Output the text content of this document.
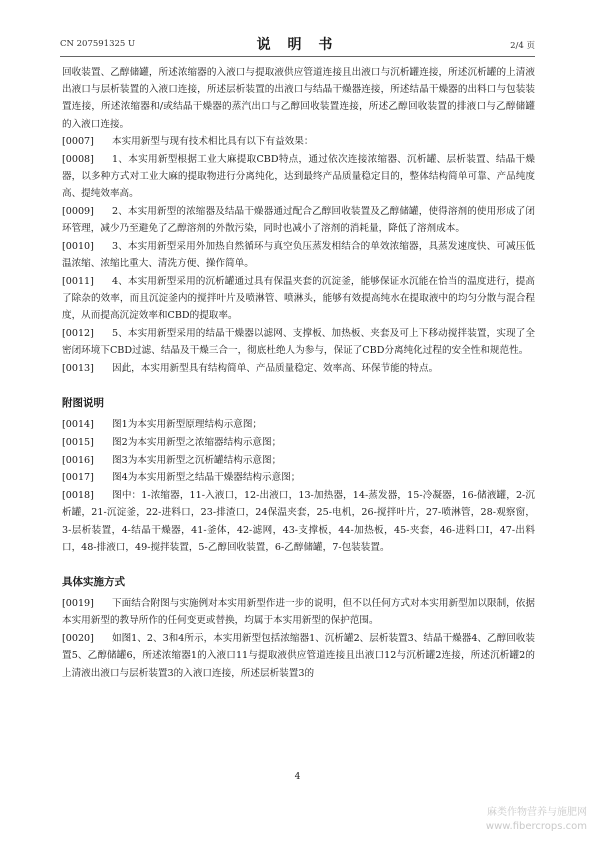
CN 207591325 U	说 明 书	2/4 页

回收装置、乙醇储罐，所述浓缩器的入液口与提取液供应管道连接且出液口与沉析罐连接，所述沉析罐的上清液出液口与层析装置的入液口连接，所述层析装置的出液口与结晶干燥器连接，所述结晶干燥器的出料口与包装装置连接，所述浓缩器和/或结晶干燥器的蒸汽出口与乙醇回收装置连接，所述乙醇回收装置的排液口与乙醇储罐的入液口连接。

[0007] 本实用新型与现有技术相比具有以下有益效果：

[0008] 1、本实用新型根据工业大麻提取CBD特点，通过依次连接浓缩器、沉析罐、层析装置、结晶干燥器，以多种方式对工业大麻的提取物进行分离纯化，达到最终产品质量稳定目的，整体结构简单可靠、产品纯度高、提纯效率高。

[0009] 2、本实用新型的浓缩器及结晶干燥器通过配合乙醇回收装置及乙醇储罐，使得溶剂的使用形成了闭环管理，减少乃至避免了乙醇溶剂的外散污染，同时也减小了溶剂的消耗量，降低了溶剂成本。

[0010] 3、本实用新型采用外加热自然循环与真空负压蒸发相结合的单效浓缩器，具蒸发速度快、可减压低温浓缩、浓缩比重大、清洗方便、操作简单。

[0011] 4、本实用新型采用的沉析罐通过具有保温夹套的沉淀釜，能够保证水沉能在恰当的温度进行，提高了除杂的效率，而且沉淀釜内的搅拌叶片及喷淋管、喷淋头，能够有效提高纯水在提取液中的均匀分散与混合程度，从而提高沉淀效率和CBD的提取率。

[0012] 5、本实用新型采用的结晶干燥器以滤网、支撑板、加热板、夹套及可上下移动搅拌装置，实现了全密闭环境下CBD过滤、结晶及干燥三合一，彻底杜绝人为参与，保证了CBD分离纯化过程的安全性和规范性。

[0013] 因此，本实用新型具有结构简单、产品质量稳定、效率高、环保节能的特点。

附图说明

[0014] 图1为本实用新型原理结构示意图；

[0015] 图2为本实用新型之浓缩器结构示意图；

[0016] 图3为本实用新型之沉析罐结构示意图；

[0017] 图4为本实用新型之结晶干燥器结构示意图；

[0018] 图中：1-浓缩器，11-入液口，12-出液口，13-加热器，14-蒸发器，15-冷凝器，16-储液罐，2-沉析罐，21-沉淀釜，22-进料口，23-排渣口，24保温夹套，25-电机，26-搅拌叶片，27-喷淋管，28-观察窗，3-层析装置，4-结晶干燥器，41-釜体，42-滤网，43-支撑板，44-加热板，45-夹套，46-进料口I，47-出料口，48-排液口，49-搅拌装置，5-乙醇回收装置，6-乙醇储罐，7-包装装置。

具体实施方式

[0019] 下面结合附图与实施例对本实用新型作进一步的说明，但不以任何方式对本实用新型加以限制，依据本实用新型的教导所作的任何变更或替换，均属于本实用新型的保护范围。

[0020] 如图1、2、3和4所示，本实用新型包括浓缩器1、沉析罐2、层析装置3、结晶干燥器4、乙醇回收装置5、乙醇储罐6，所述浓缩器1的入液口11与提取液供应管道连接且出液口12与沉析罐2连接，所述沉析罐2的上清液出液口与层析装置3的入液口连接，所述层析装置3的

4
麻类作物营养与施肥网
www.fibercrops.com
